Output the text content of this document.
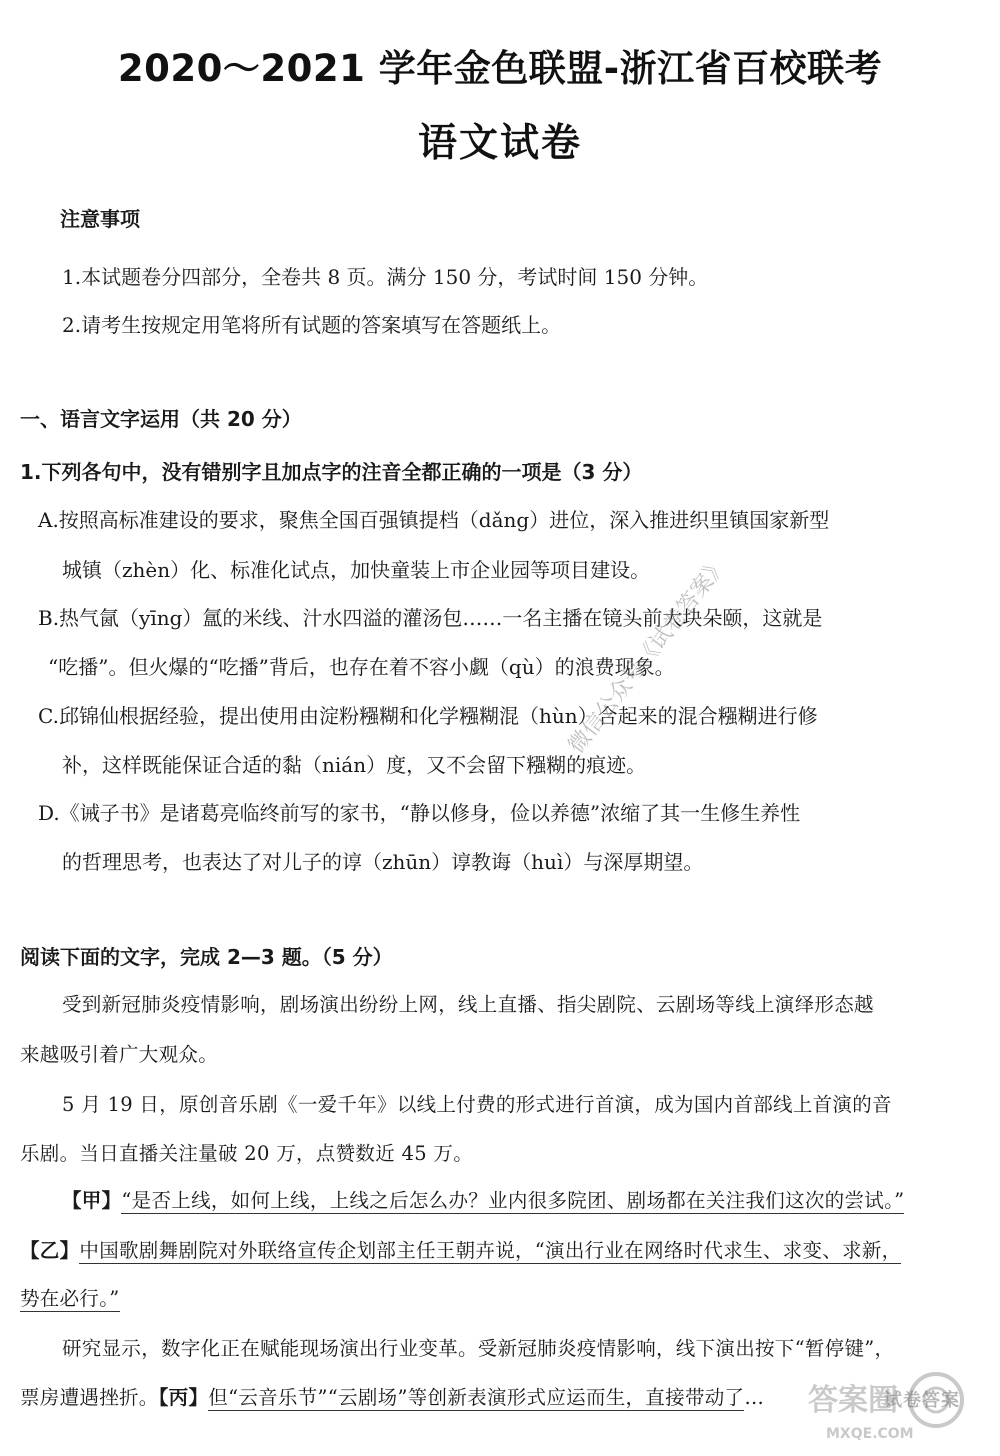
2020～2021 学年金色联盟-浙江省百校联考
语文试卷
注意事项
1.本试题卷分四部分，全卷共 8 页。满分 150 分，考试时间 150 分钟。
2.请考生按规定用笔将所有试题的答案填写在答题纸上。
一、语言文字运用（共 20 分）
1.下列各句中，没有错别字且加点字的注音全都正确的一项是（3 分）
A.按照高标准建设的要求，聚焦全国百强镇提档（dǎng）进位，深入推进织里镇国家新型
城镇（zhèn）化、标准化试点，加快童装上市企业园等项目建设。
B.热气氤（yīng）氲的米线、汁水四溢的灌汤包……一名主播在镜头前大块朵颐，这就是
“吃播”。但火爆的“吃播”背后，也存在着不容小觑（qù）的浪费现象。
C.邱锦仙根据经验，提出使用由淀粉糨糊和化学糨糊混（hùn）合起来的混合糨糊进行修
补，这样既能保证合适的黏（nián）度，又不会留下糨糊的痕迹。
D.《诫子书》是诸葛亮临终前写的家书，“静以修身，俭以养德”浓缩了其一生修生养性
的哲理思考，也表达了对儿子的谆（zhūn）谆教诲（huì）与深厚期望。
阅读下面的文字，完成 2—3 题。（5 分）
受到新冠肺炎疫情影响，剧场演出纷纷上网，线上直播、指尖剧院、云剧场等线上演绎形态越
来越吸引着广大观众。
5 月 19 日，原创音乐剧《一爱千年》以线上付费的形式进行首演，成为国内首部线上首演的音
乐剧。当日直播关注量破 20 万，点赞数近 45 万。
【甲】“是否上线，如何上线，上线之后怎么办？业内很多院团、剧场都在关注我们这次的尝试。”
【乙】中国歌剧舞剧院对外联络宣传企划部主任王朝卉说，“演出行业在网络时代求生、求变、求新，
势在必行。”
研究显示，数字化正在赋能现场演出行业变革。受新冠肺炎疫情影响，线下演出按下“暂停键”，
票房遭遇挫折。【丙】但“云音乐节”“云剧场”等创新表演形式应运而生，直接带动了…
微信公众号《试卷答案》
答案圈
MXQE.COM
试卷答案
